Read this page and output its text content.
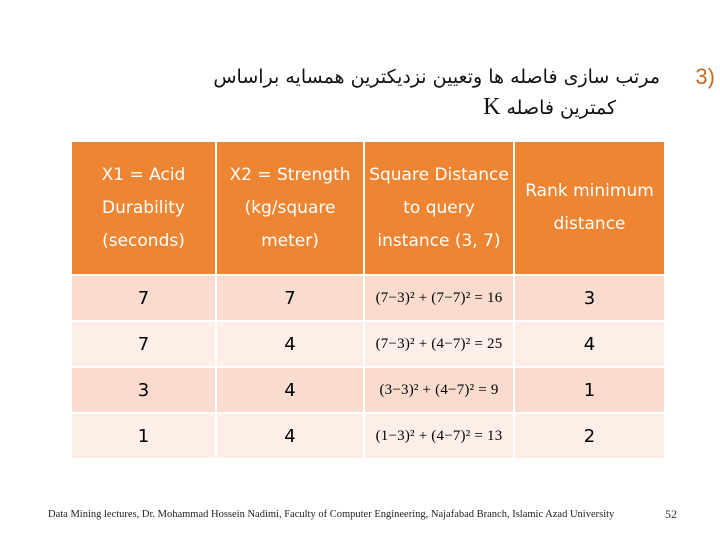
(3
مرتب سازی فاصله ها وتعیین نزدیکترین همسایه براساس
کمترین فاصله K
X1 = Acid Durability (seconds)	X2 = Strength (kg/square meter)	Square Distance to query instance (3, 7)	Rank minimum distance
7	7	(7−3)² + (7−7)² = 16	3
7	4	(7−3)² + (4−7)² = 25	4
3	4	(3−3)² + (4−7)² = 9	1
1	4	(1−3)² + (4−7)² = 13	2
Data Mining lectures, Dr. Mohammad Hossein Nadimi, Faculty of Computer Engineering, Najafabad Branch, Islamic Azad University	52
